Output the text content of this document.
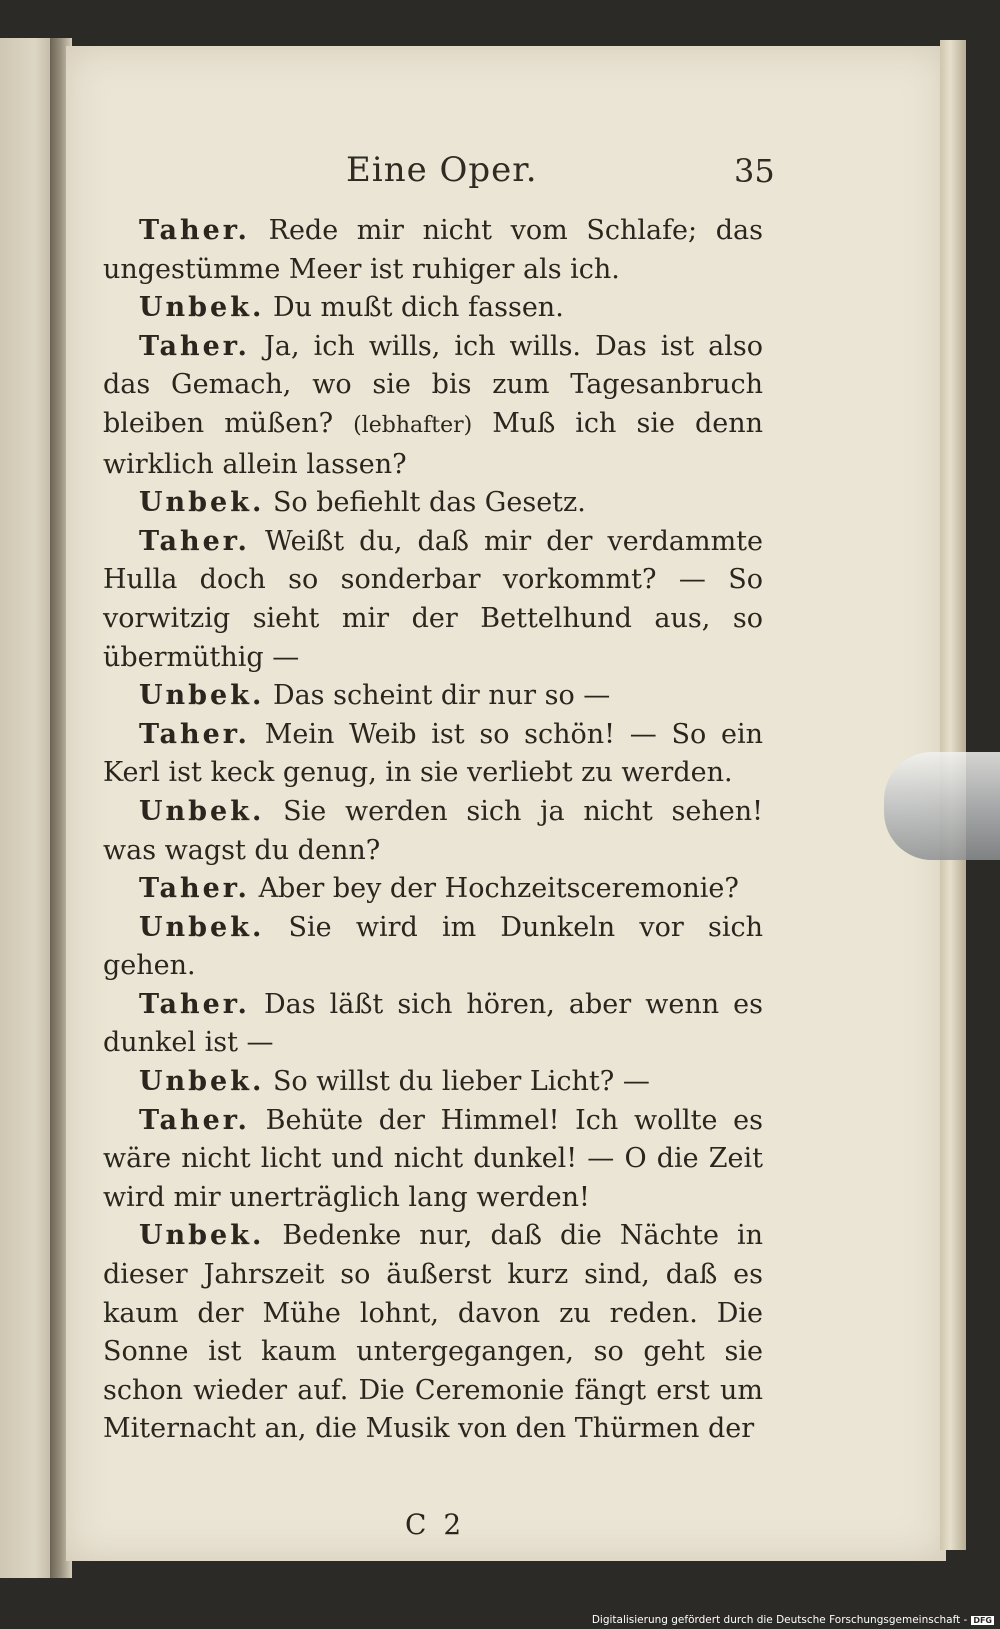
Eine Oper.	35

Taher. Rede mir nicht vom Schlafe; das ungestümme Meer ist ruhiger als ich.

Unbek. Du mußt dich fassen.

Taher. Ja, ich wills, ich wills. Das ist also das Gemach, wo sie bis zum Tagesanbruch bleiben müßen? (lebhafter) Muß ich sie denn wirklich allein lassen?

Unbek. So befiehlt das Gesetz.

Taher. Weißt du, daß mir der verdammte Hulla doch so sonderbar vorkommt? — So vorwitzig sieht mir der Bettelhund aus, so übermüthig —

Unbek. Das scheint dir nur so —

Taher. Mein Weib ist so schön! — So ein Kerl ist keck genug, in sie verliebt zu werden.

Unbek. Sie werden sich ja nicht sehen! was wagst du denn?

Taher. Aber bey der Hochzeitsceremonie?

Unbek. Sie wird im Dunkeln vor sich gehen.

Taher. Das läßt sich hören, aber wenn es dunkel ist —

Unbek. So willst du lieber Licht? —

Taher. Behüte der Himmel! Ich wollte es wäre nicht licht und nicht dunkel! — O die Zeit wird mir unerträglich lang werden!

Unbek. Bedenke nur, daß die Nächte in dieser Jahrszeit so äußerst kurz sind, daß es kaum der Mühe lohnt, davon zu reden. Die Sonne ist kaum untergegangen, so geht sie schon wieder auf. Die Ceremonie fängt erst um Miternacht an, die Musik von den Thürmen der

C 2
Digitalisierung gefördert durch die Deutsche Forschungsgemeinschaft - DFG
